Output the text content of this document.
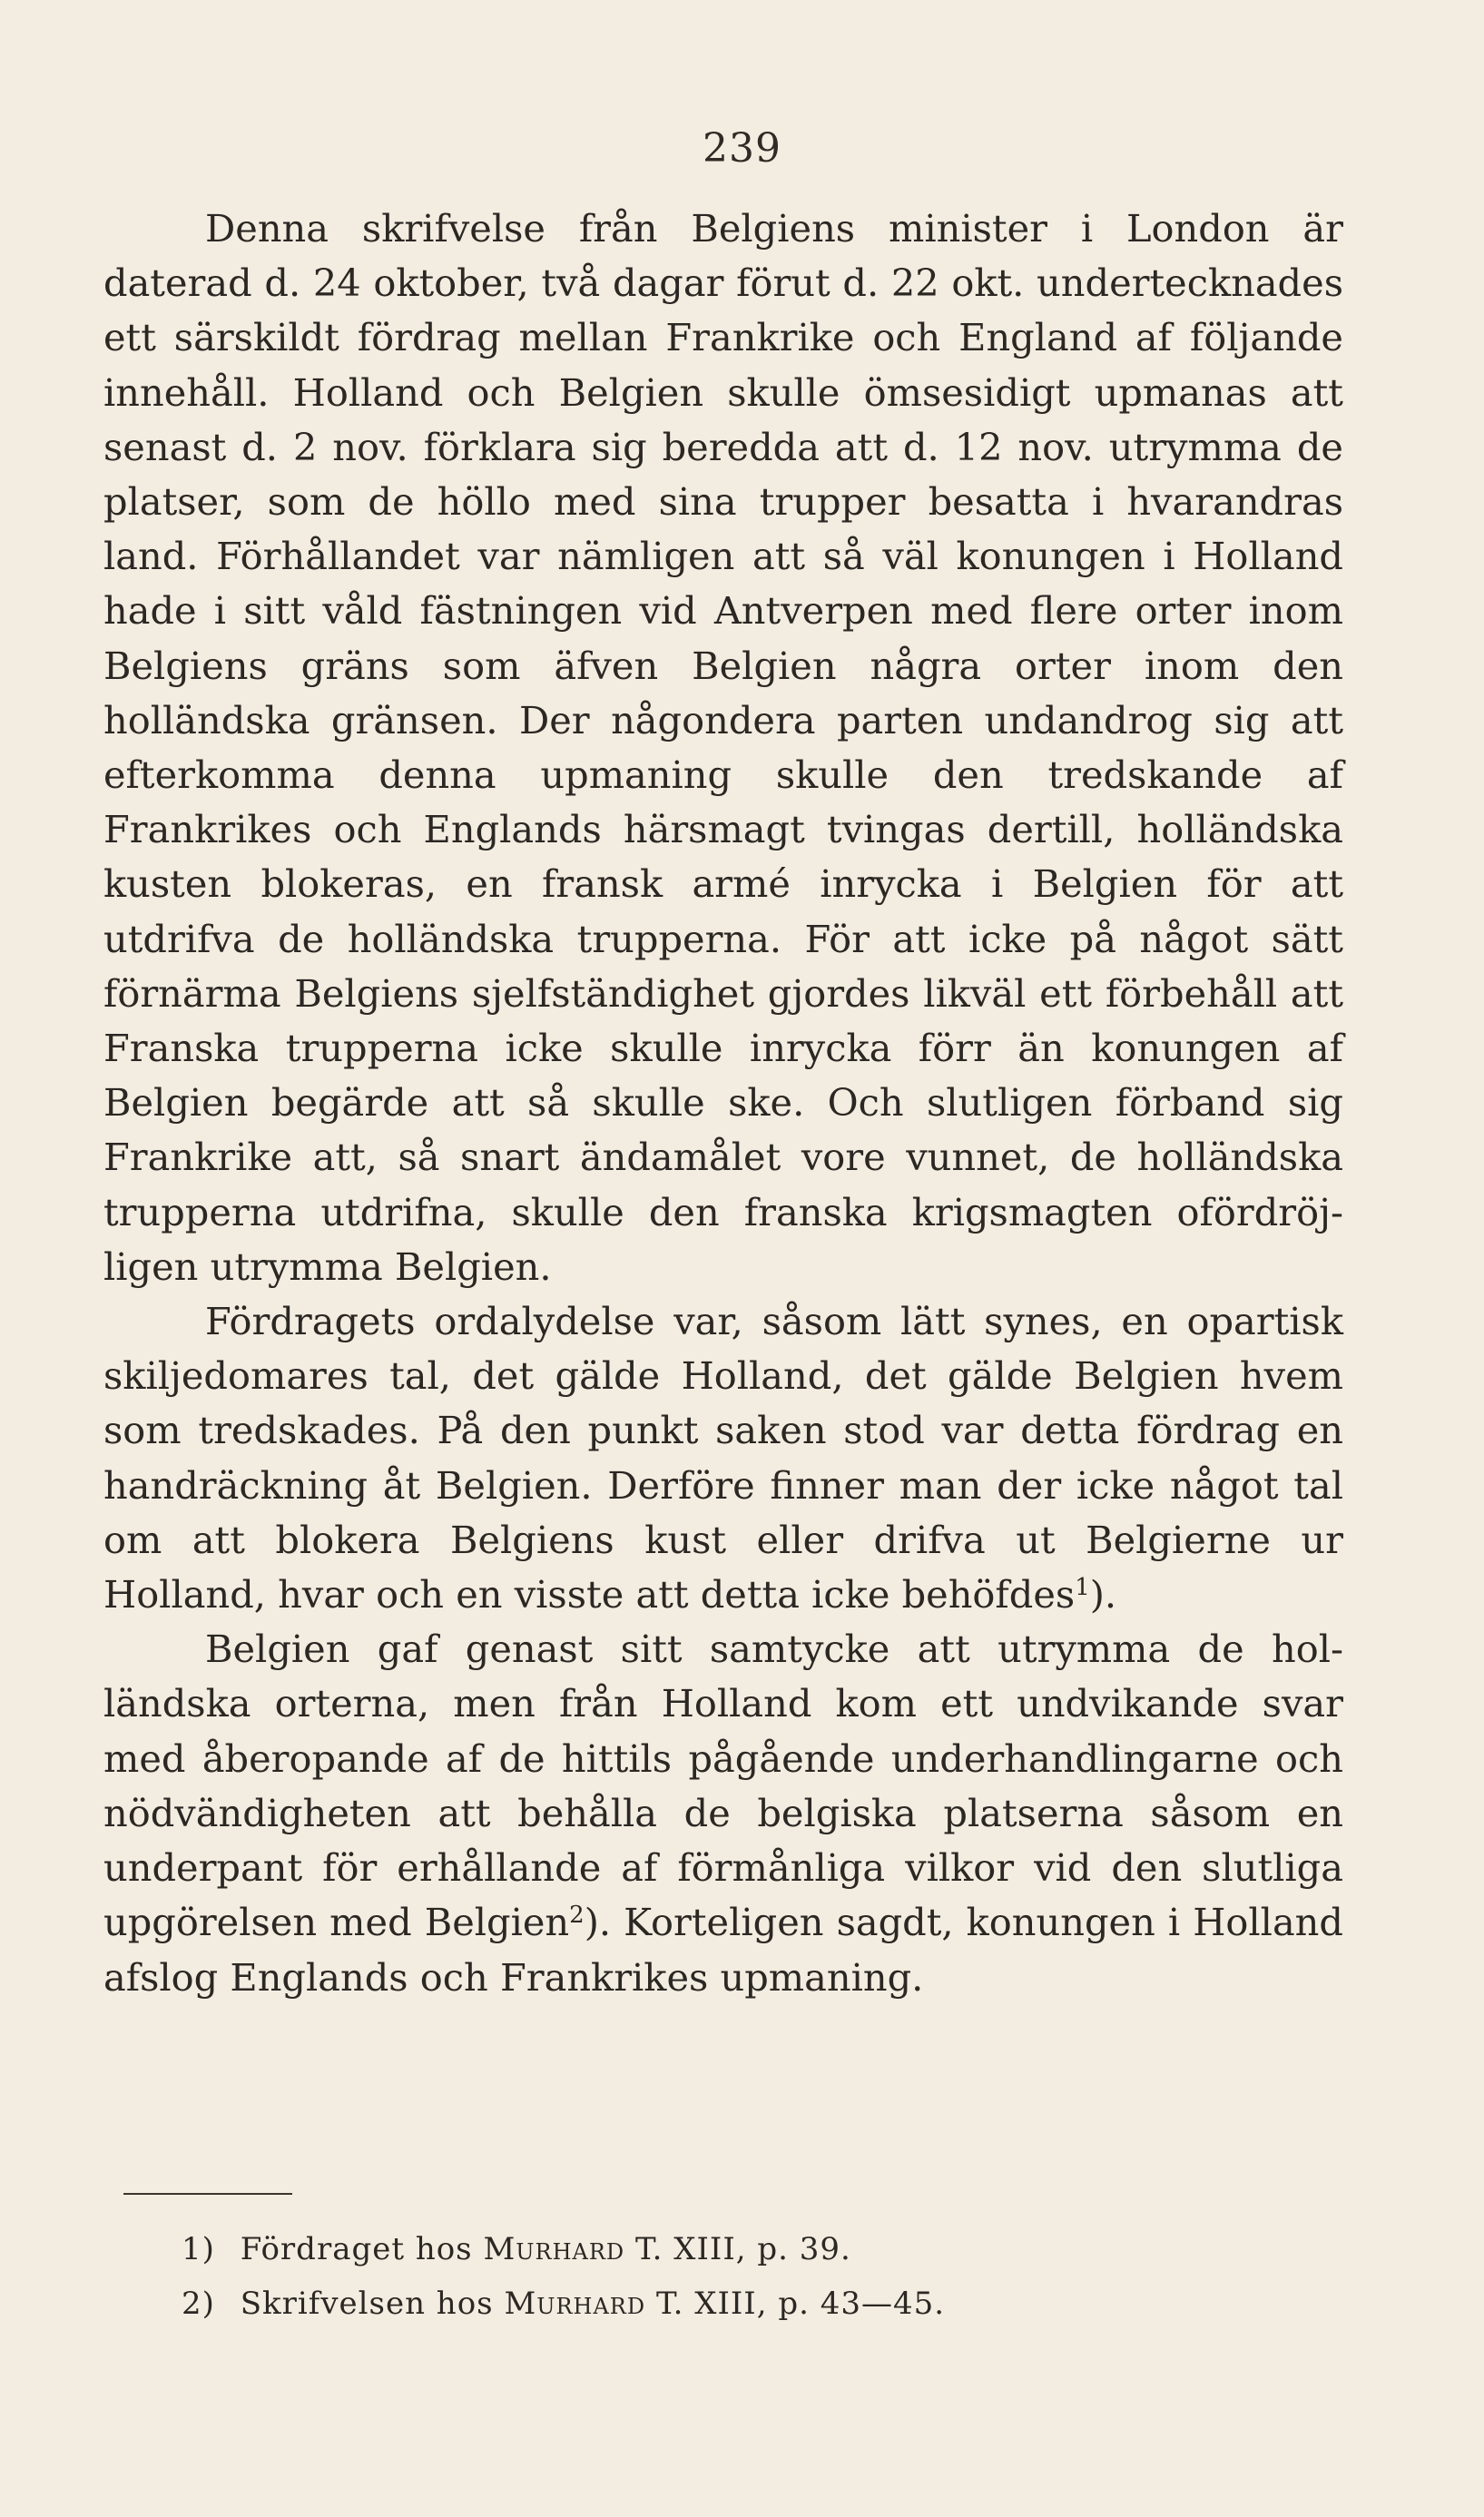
239

Denna skrifvelse från Belgiens minister i London är daterad d. 24 oktober, två dagar förut d. 22 okt. undertecknades ett särskildt fördrag mellan Frankrike och England af följande innehåll. Holland och Belgien skulle ömsesidigt upmanas att senast d. 2 nov. förklara sig beredda att d. 12 nov. utrymma de platser, som de höllo med sina trupper besatta i hvarandras land. Förhållandet var nämligen att så väl konungen i Holland hade i sitt våld fästningen vid Antverpen med flere orter inom Belgiens gräns som äfven Belgien några orter inom den holländska gränsen. Der någondera parten undandrog sig att efterkomma denna upmaning skulle den tredskande af Frankrikes och Englands härsmagt tvingas dertill, holländska kusten blokeras, en fransk armé inrycka i Belgien för att utdrifva de holländska trupperna. För att icke på något sätt förnärma Belgiens sjelfständighet gjordes likväl ett förbehåll att Franska trupperna icke skulle inrycka förr än konungen af Belgien begärde att så skulle ske. Och slutligen förband sig Frankrike att, så snart ändamålet vore vunnet, de holländska trupperna utdrifna, skulle den franska krigsmagten ofördröjligen utrymma Belgien.

Fördragets ordalydelse var, såsom lätt synes, en opartisk skiljedomares tal, det gälde Holland, det gälde Belgien hvem som tredskades. På den punkt saken stod var detta fördrag en handräckning åt Belgien. Derföre finner man der icke något tal om att blokera Belgiens kust eller drifva ut Belgierne ur Holland, hvar och en visste att detta icke behöfdes$^1$).

Belgien gaf genast sitt samtycke att utrymma de holländska orterna, men från Holland kom ett undvikande svar med åberopande af de hittils pågående underhandlingarne och nödvändigheten att behålla de belgiska platserna såsom en underpant för erhållande af förmånliga vilkor vid den slutliga upgörelsen med Belgien$^2$). Korteligen sagdt, konungen i Holland afslog Englands och Frankrikes upmaning.

1) Fördraget hos Murhard T. XIII, p. 39.
2) Skrifvelsen hos Murhard T. XIII, p. 43—45.
